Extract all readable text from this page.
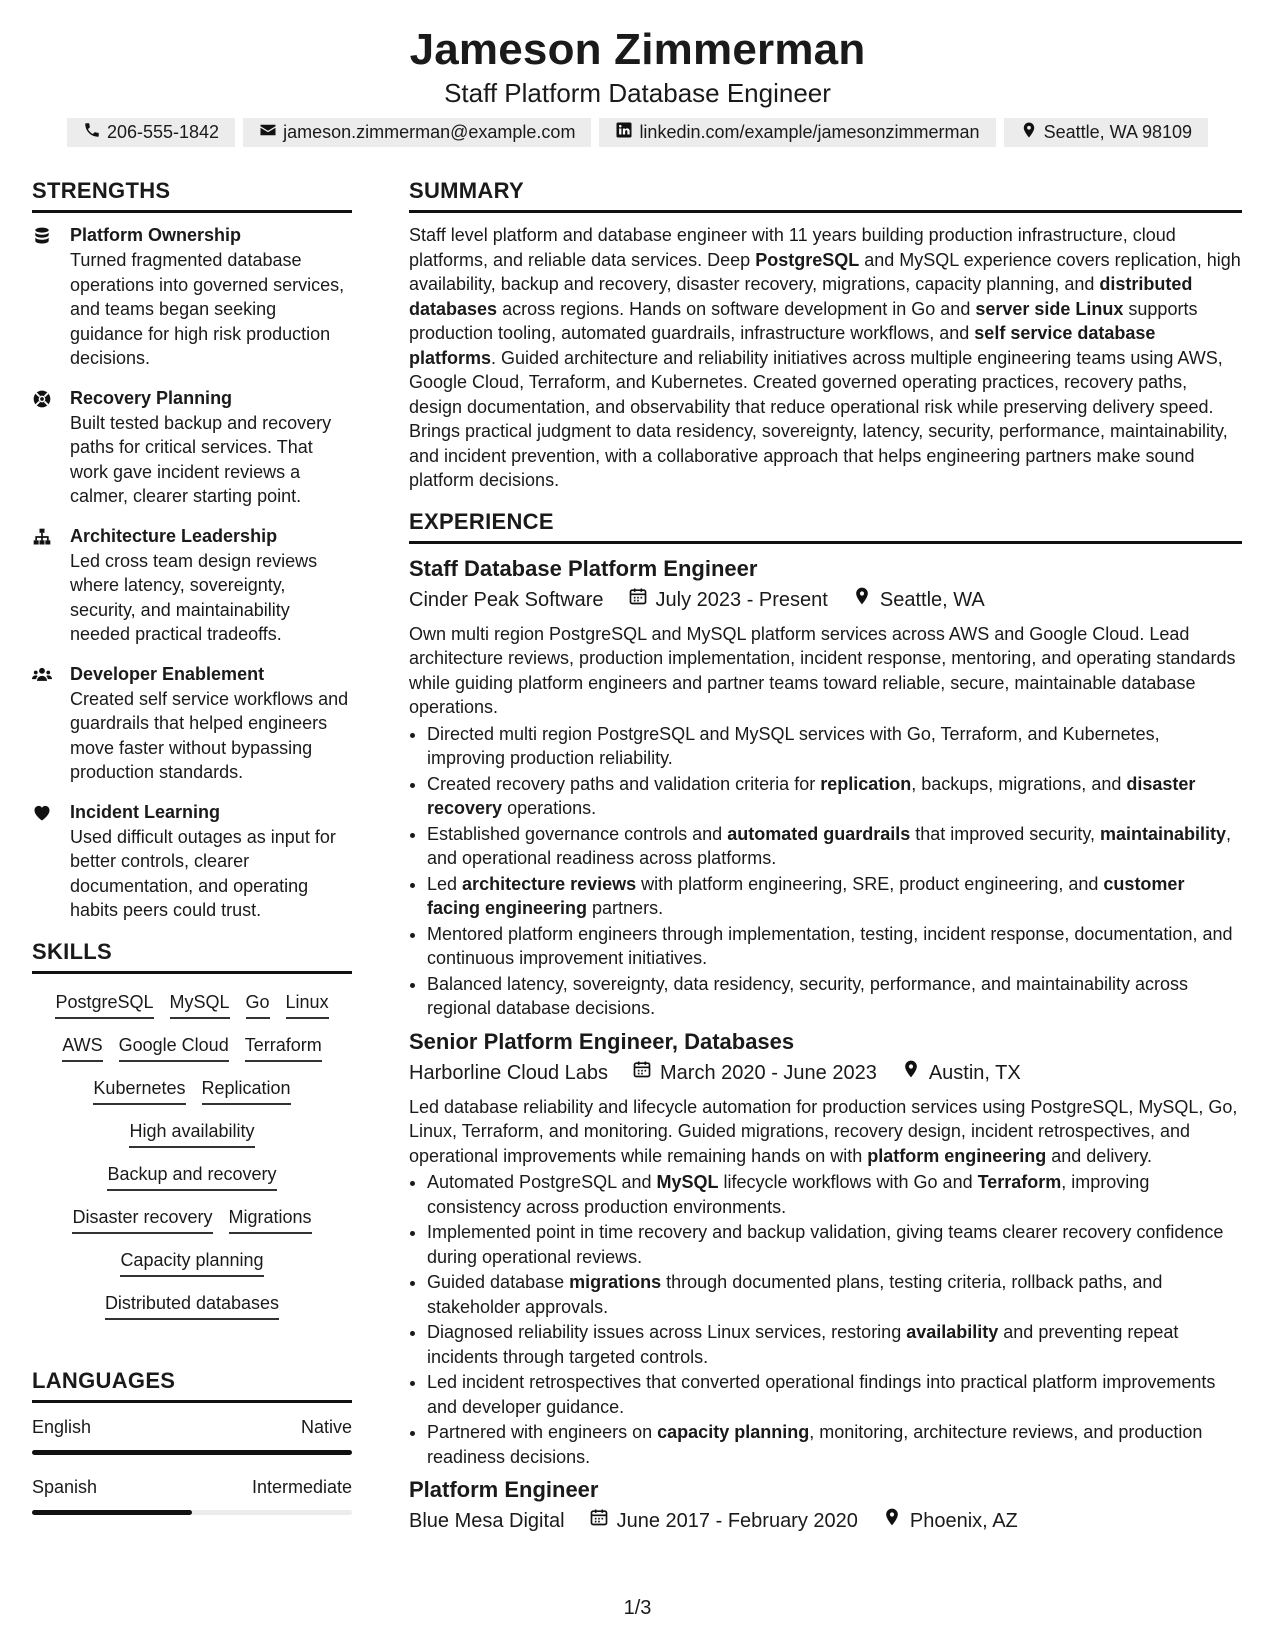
Jameson Zimmerman
Staff Platform Database Engineer
206-555-1842	jameson.zimmerman@example.com	linkedin.com/example/jamesonzimmerman	Seattle, WA 98109
STRENGTHS
Platform Ownership
Turned fragmented database operations into governed services, and teams began seeking guidance for high risk production decisions.
Recovery Planning
Built tested backup and recovery paths for critical services. That work gave incident reviews a calmer, clearer starting point.
Architecture Leadership
Led cross team design reviews where latency, sovereignty, security, and maintainability needed practical tradeoffs.
Developer Enablement
Created self service workflows and guardrails that helped engineers move faster without bypassing production standards.
Incident Learning
Used difficult outages as input for better controls, clearer documentation, and operating habits peers could trust.
SKILLS
PostgreSQL MySQL Go Linux
AWS Google Cloud Terraform
Kubernetes Replication
High availability
Backup and recovery
Disaster recovery Migrations
Capacity planning
Distributed databases
LANGUAGES
English	Native
Spanish	Intermediate
SUMMARY
Staff level platform and database engineer with 11 years building production infrastructure, cloud platforms, and reliable data services. Deep PostgreSQL and MySQL experience covers replication, high availability, backup and recovery, disaster recovery, migrations, capacity planning, and distributed databases across regions. Hands on software development in Go and server side Linux supports production tooling, automated guardrails, infrastructure workflows, and self service database platforms. Guided architecture and reliability initiatives across multiple engineering teams using AWS, Google Cloud, Terraform, and Kubernetes. Created governed operating practices, recovery paths, design documentation, and observability that reduce operational risk while preserving delivery speed. Brings practical judgment to data residency, sovereignty, latency, security, performance, maintainability, and incident prevention, with a collaborative approach that helps engineering partners make sound platform decisions.
EXPERIENCE
Staff Database Platform Engineer
Cinder Peak Software	July 2023 - Present	Seattle, WA
Own multi region PostgreSQL and MySQL platform services across AWS and Google Cloud. Lead architecture reviews, production implementation, incident response, mentoring, and operating standards while guiding platform engineers and partner teams toward reliable, secure, maintainable database operations.
• Directed multi region PostgreSQL and MySQL services with Go, Terraform, and Kubernetes, improving production reliability.
• Created recovery paths and validation criteria for replication, backups, migrations, and disaster recovery operations.
• Established governance controls and automated guardrails that improved security, maintainability, and operational readiness across platforms.
• Led architecture reviews with platform engineering, SRE, product engineering, and customer facing engineering partners.
• Mentored platform engineers through implementation, testing, incident response, documentation, and continuous improvement initiatives.
• Balanced latency, sovereignty, data residency, security, performance, and maintainability across regional database decisions.
Senior Platform Engineer, Databases
Harborline Cloud Labs	March 2020 - June 2023	Austin, TX
Led database reliability and lifecycle automation for production services using PostgreSQL, MySQL, Go, Linux, Terraform, and monitoring. Guided migrations, recovery design, incident retrospectives, and operational improvements while remaining hands on with platform engineering and delivery.
• Automated PostgreSQL and MySQL lifecycle workflows with Go and Terraform, improving consistency across production environments.
• Implemented point in time recovery and backup validation, giving teams clearer recovery confidence during operational reviews.
• Guided database migrations through documented plans, testing criteria, rollback paths, and stakeholder approvals.
• Diagnosed reliability issues across Linux services, restoring availability and preventing repeat incidents through targeted controls.
• Led incident retrospectives that converted operational findings into practical platform improvements and developer guidance.
• Partnered with engineers on capacity planning, monitoring, architecture reviews, and production readiness decisions.
Platform Engineer
Blue Mesa Digital	June 2017 - February 2020	Phoenix, AZ
1/3
